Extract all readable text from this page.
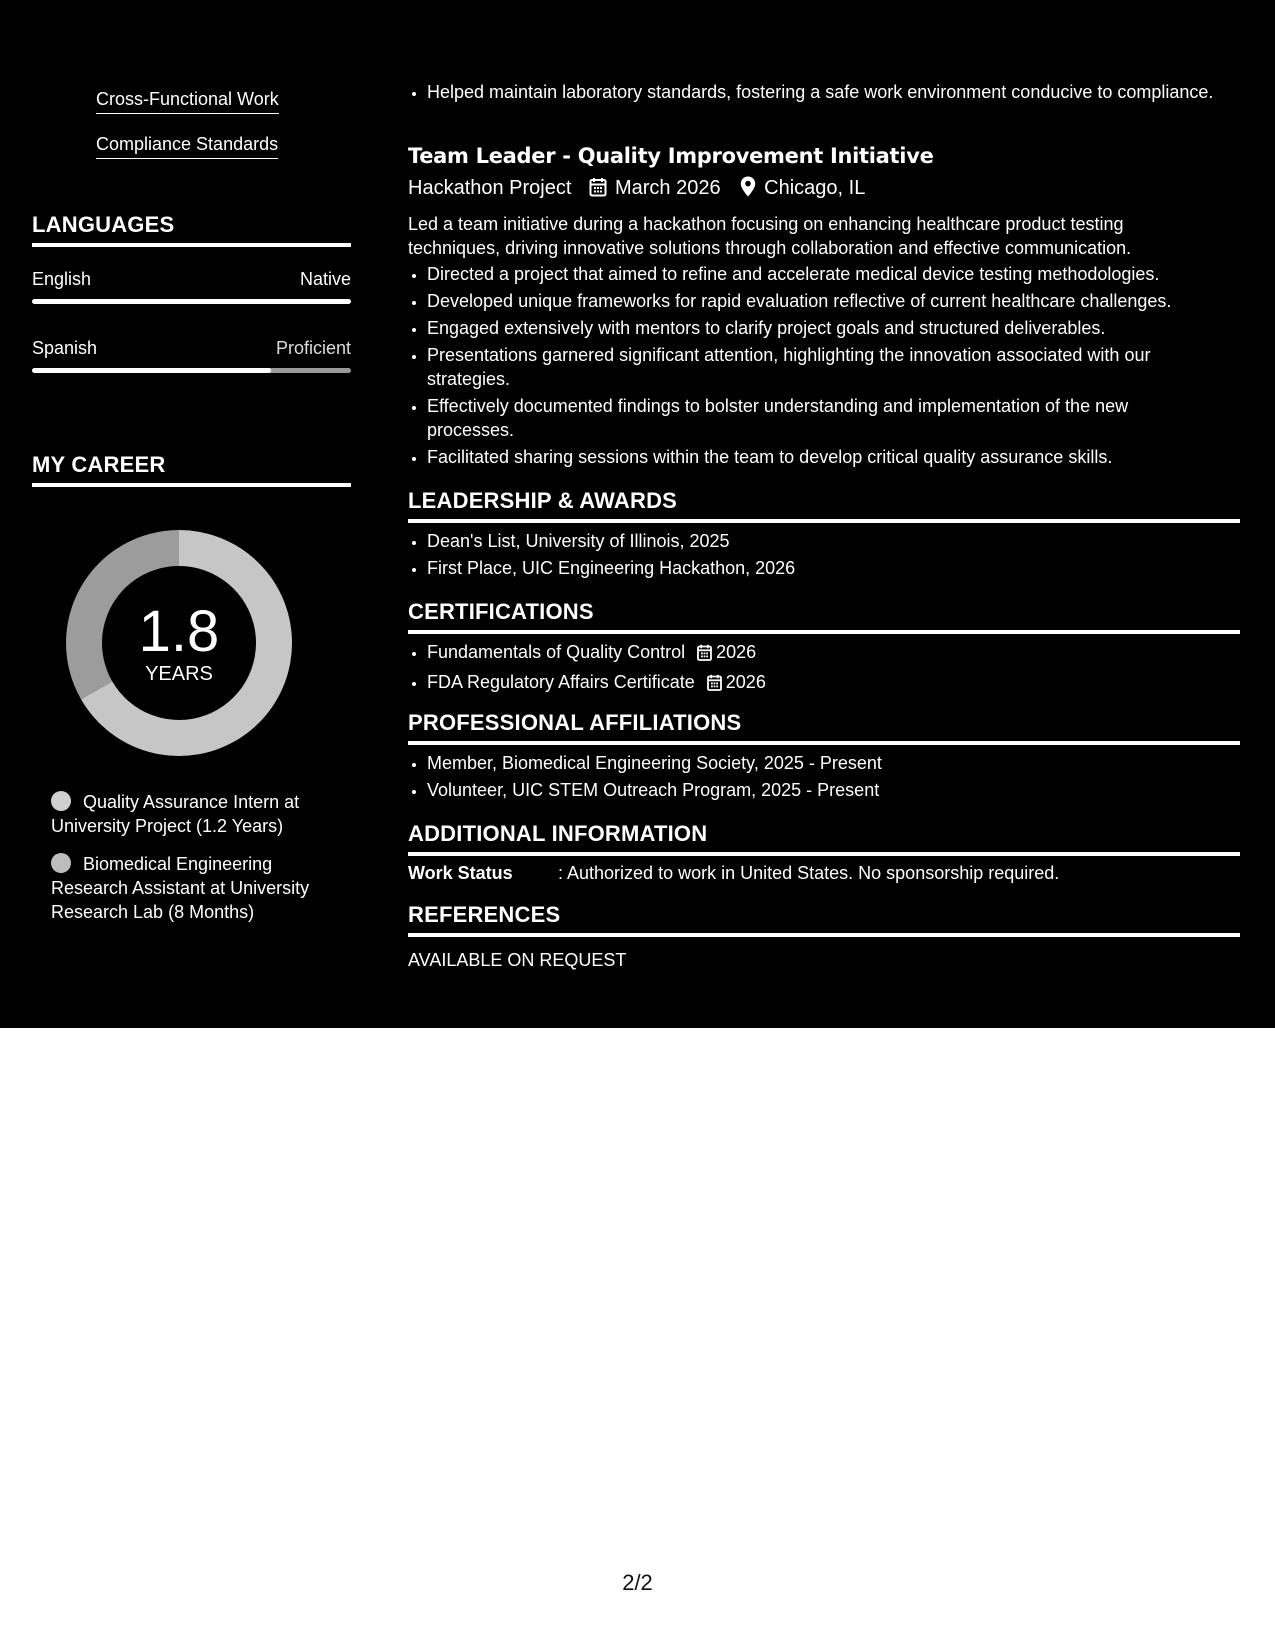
Cross-Functional Work
Compliance Standards
LANGUAGES
English	Native
Spanish	Proficient
MY CAREER
1.8
YEARS
Quality Assurance Intern at University Project (1.2 Years)
Biomedical Engineering Research Assistant at University Research Lab (8 Months)
• Helped maintain laboratory standards, fostering a safe work environment conducive to compliance.
Team Leader - Quality Improvement Initiative
Hackathon Project March 2026 Chicago, IL
Led a team initiative during a hackathon focusing on enhancing healthcare product testing techniques, driving innovative solutions through collaboration and effective communication.
• Directed a project that aimed to refine and accelerate medical device testing methodologies.
• Developed unique frameworks for rapid evaluation reflective of current healthcare challenges.
• Engaged extensively with mentors to clarify project goals and structured deliverables.
• Presentations garnered significant attention, highlighting the innovation associated with our strategies.
• Effectively documented findings to bolster understanding and implementation of the new processes.
• Facilitated sharing sessions within the team to develop critical quality assurance skills.
LEADERSHIP & AWARDS
• Dean's List, University of Illinois, 2025
• First Place, UIC Engineering Hackathon, 2026
CERTIFICATIONS
• Fundamentals of Quality Control 2026
• FDA Regulatory Affairs Certificate 2026
PROFESSIONAL AFFILIATIONS
• Member, Biomedical Engineering Society, 2025 - Present
• Volunteer, UIC STEM Outreach Program, 2025 - Present
ADDITIONAL INFORMATION
Work Status	: Authorized to work in United States. No sponsorship required.
REFERENCES
AVAILABLE ON REQUEST
2/2
